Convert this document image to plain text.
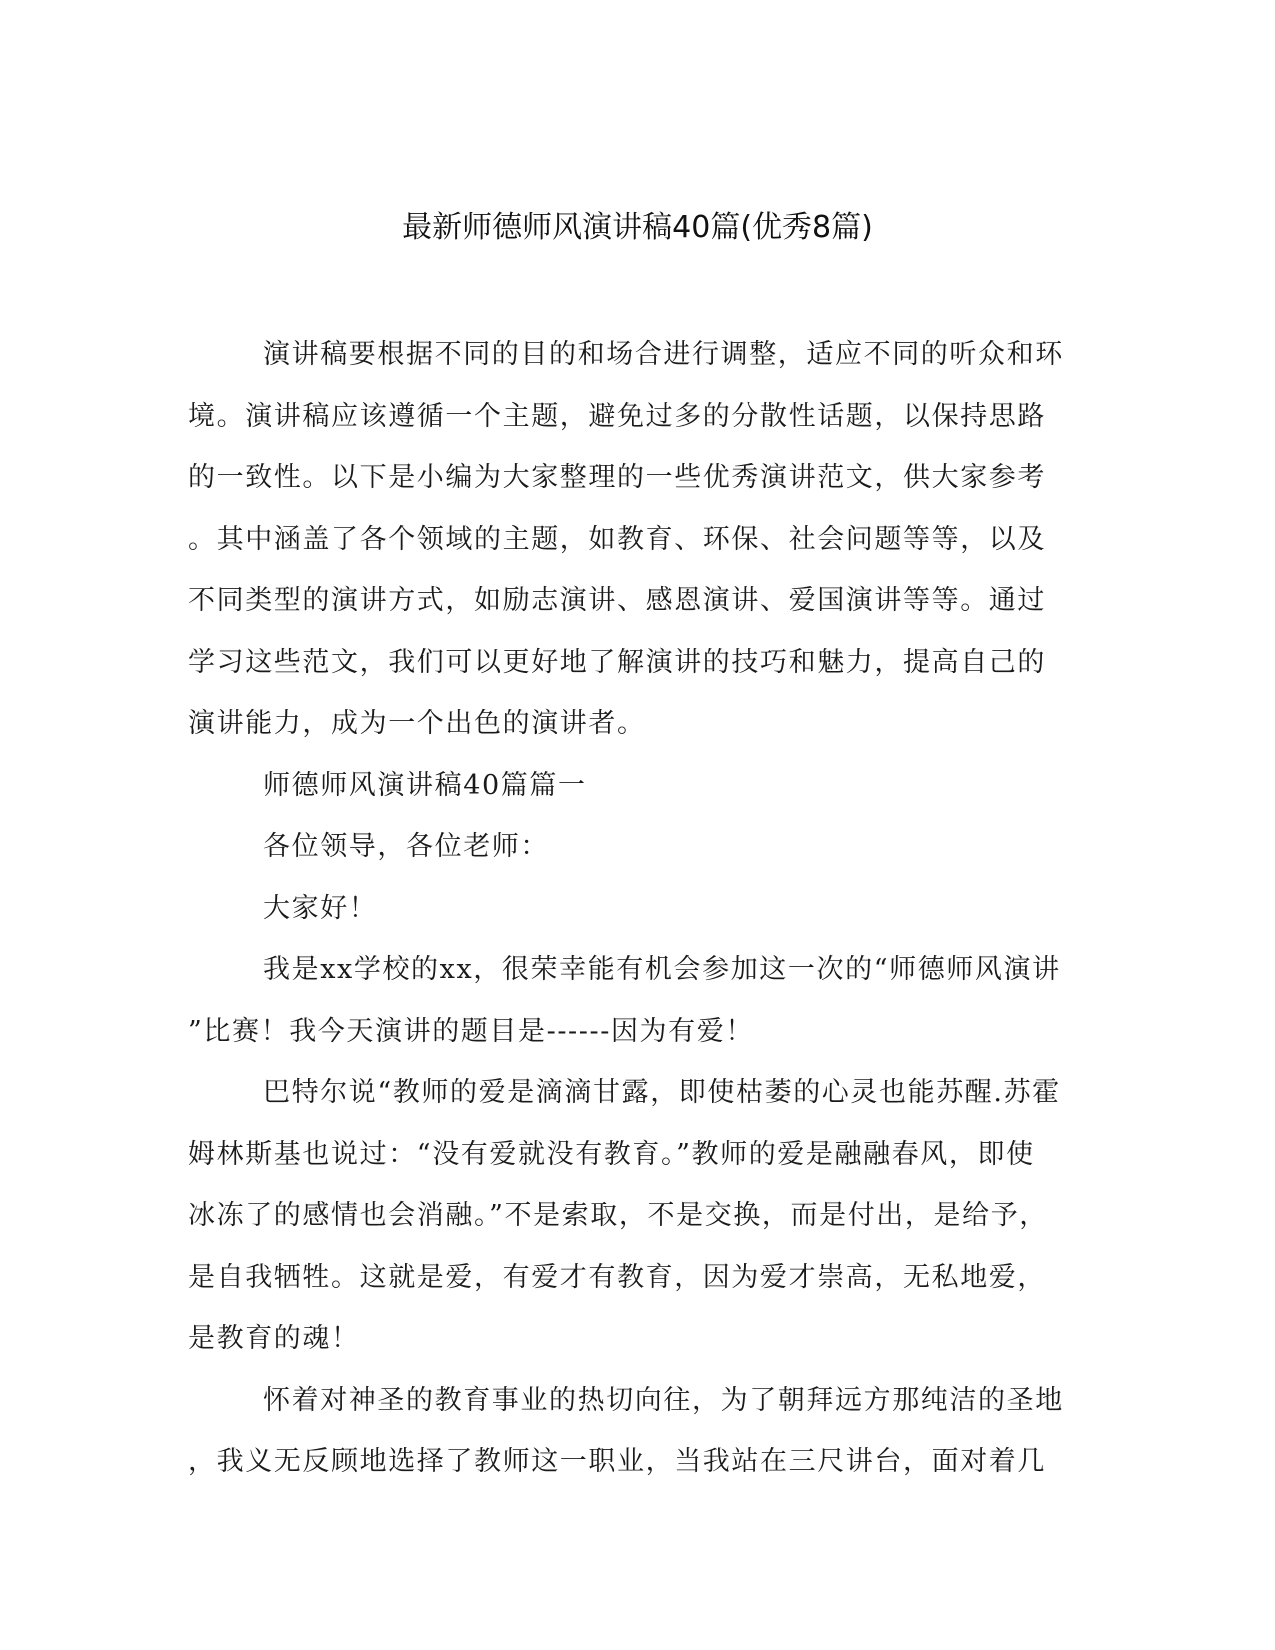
最新师德师风演讲稿40篇(优秀8篇)
演讲稿要根据不同的目的和场合进行调整，适应不同的听众和环
境。演讲稿应该遵循一个主题，避免过多的分散性话题，以保持思路
的一致性。以下是小编为大家整理的一些优秀演讲范文，供大家参考
。其中涵盖了各个领域的主题，如教育、环保、社会问题等等，以及
不同类型的演讲方式，如励志演讲、感恩演讲、爱国演讲等等。通过
学习这些范文，我们可以更好地了解演讲的技巧和魅力，提高自己的
演讲能力，成为一个出色的演讲者。
师德师风演讲稿40篇篇一
各位领导，各位老师：
大家好！
我是xx学校的xx，很荣幸能有机会参加这一次的“师德师风演讲
”比赛！我今天演讲的题目是------因为有爱！
巴特尔说“教师的爱是滴滴甘露，即使枯萎的心灵也能苏醒.苏霍
姆林斯基也说过：“没有爱就没有教育。”教师的爱是融融春风，即使
冰冻了的感情也会消融。”不是索取，不是交换，而是付出，是给予，
是自我牺牲。这就是爱，有爱才有教育，因为爱才崇高，无私地爱，
是教育的魂！
怀着对神圣的教育事业的热切向往，为了朝拜远方那纯洁的圣地
，我义无反顾地选择了教师这一职业，当我站在三尺讲台，面对着几
